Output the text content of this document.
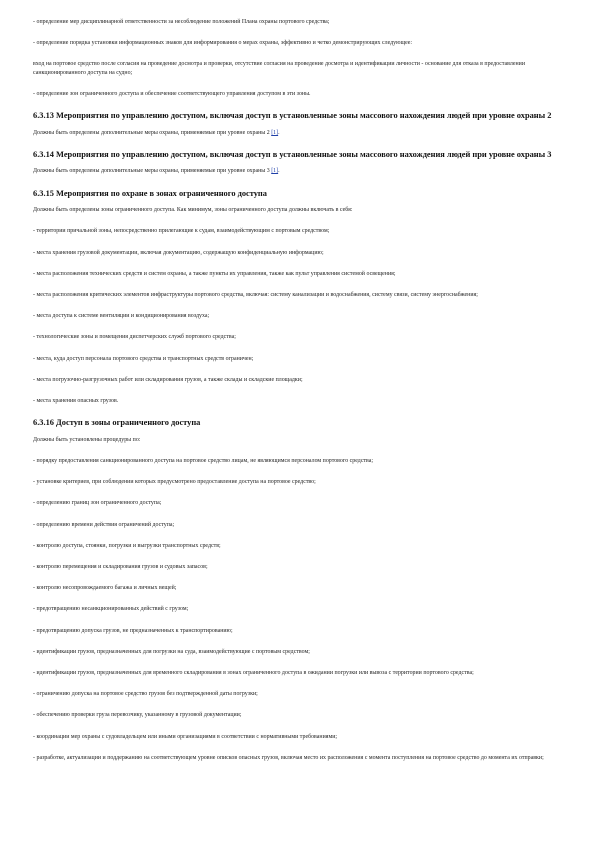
- определение мер дисциплинарной ответственности за несоблюдение положений Плана охраны портового средства;
- определение порядка установки информационных знаков для информирования о мерах охраны, эффективно и четко демонстрирующих следующее:
вход на портовое средство после согласия на проведение досмотра и проверки, отсутствие согласия на проведение досмотра и идентификации личности - основание для отказа в предоставлении санкционированного доступа на судно;
- определение зон ограниченного доступа и обеспечение соответствующего управления доступом в эти зоны.
6.3.13 Мероприятия по управлению доступом, включая доступ в установленные зоны массового нахождения людей при уровне охраны 2
Должны быть определены дополнительные меры охраны, применяемые при уровне охраны 2 [1].
6.3.14 Мероприятия по управлению доступом, включая доступ в установленные зоны массового нахождения людей при уровне охраны 3
Должны быть определены дополнительные меры охраны, применяемые при уровне охраны 3 [1].
6.3.15 Мероприятия по охране в зонах ограниченного доступа
Должны быть определены зоны ограниченного доступа. Как минимум, зоны ограниченного доступа должны включать в себя:
- территории причальной зоны, непосредственно прилегающие к судам, взаимодействующим с портовым средством;
- места хранения грузовой документации, включая документацию, содержащую конфиденциальную информацию;
- места расположения технических средств и систем охраны, а также пункты их управления, также как пульт управления системой освещения;
- места расположения критических элементов инфраструктуры портового средства, включая: систему канализации и водоснабжения, систему связи, систему энергоснабжения;
- места доступа к системе вентиляции и кондиционирования воздуха;
- технологические зоны и помещения диспетчерских служб портового средства;
- места, куда доступ персонала портового средства и транспортных средств ограничен;
- места погрузочно-разгрузочных работ или складирования грузов, а также склады и складские площадки;
- места хранения опасных грузов.
6.3.16 Доступ в зоны ограниченного доступа
Должны быть установлены процедуры по:
- порядку предоставления санкционированного доступа на портовое средство лицам, не являющимся персоналом портового средства;
- установке критериев, при соблюдении которых предусмотрено предоставление доступа на портовое средство;
- определению границ зон ограниченного доступа;
- определению времени действия ограничений доступа;
- контролю доступа, стоянки, погрузки и выгрузки транспортных средств;
- контролю перемещения и складирования грузов и судовых запасов;
- контролю несопровождаемого багажа и личных вещей;
- предотвращению несанкционированных действий с грузом;
- предотвращению допуска грузов, не предназначенных к транспортированию;
- идентификации грузов, предназначенных для погрузки на суда, взаимодействующие с портовым средством;
- идентификации грузов, предназначенных для временного складирования в зонах ограниченного доступа в ожидании погрузки или вывоза с территории портового средства;
- ограничению допуска на портовое средство грузов без подтвержденной даты погрузки;
- обеспечению проверки груза перевозчику, указанному в грузовой документации;
- координации мер охраны с судовладельцем или иными организациями в соответствии с нормативными требованиями;
- разработке, актуализации и поддержанию на соответствующем уровне описков опасных грузов, включая место их расположения с момента поступления на портовое средство до момента их отправки;
